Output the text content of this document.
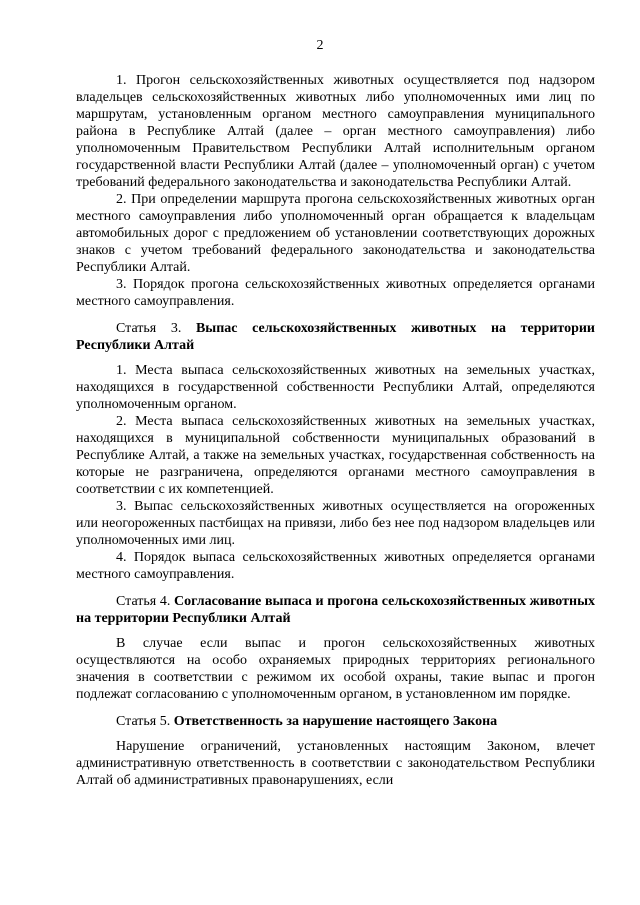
2

1. Прогон сельскохозяйственных животных осуществляется под надзором владельцев сельскохозяйственных животных либо уполномоченных ими лиц по маршрутам, установленным органом местного самоуправления муниципального района в Республике Алтай (далее – орган местного самоуправления) либо уполномоченным Правительством Республики Алтай исполнительным органом государственной власти Республики Алтай (далее – уполномоченный орган) с учетом требований федерального законодательства и законодательства Республики Алтай.

2. При определении маршрута прогона сельскохозяйственных животных орган местного самоуправления либо уполномоченный орган обращается к владельцам автомобильных дорог с предложением об установлении соответствующих дорожных знаков с учетом требований федерального законодательства и законодательства Республики Алтай.

3. Порядок прогона сельскохозяйственных животных определяется органами местного самоуправления.

Статья 3. Выпас сельскохозяйственных животных на территории Республики Алтай

1. Места выпаса сельскохозяйственных животных на земельных участках, находящихся в государственной собственности Республики Алтай, определяются уполномоченным органом.

2. Места выпаса сельскохозяйственных животных на земельных участках, находящихся в муниципальной собственности муниципальных образований в Республике Алтай, а также на земельных участках, государственная собственность на которые не разграничена, определяются органами местного самоуправления в соответствии с их компетенцией.

3. Выпас сельскохозяйственных животных осуществляется на огороженных или неогороженных пастбищах на привязи, либо без нее под надзором владельцев или уполномоченных ими лиц.

4. Порядок выпаса сельскохозяйственных животных определяется органами местного самоуправления.

Статья 4. Согласование выпаса и прогона сельскохозяйственных животных на территории Республики Алтай

В случае если выпас и прогон сельскохозяйственных животных осуществляются на особо охраняемых природных территориях регионального значения в соответствии с режимом их особой охраны, такие выпас и прогон подлежат согласованию с уполномоченным органом, в установленном им порядке.

Статья 5. Ответственность за нарушение настоящего Закона

Нарушение ограничений, установленных настоящим Законом, влечет административную ответственность в соответствии с законодательством Республики Алтай об административных правонарушениях, если
